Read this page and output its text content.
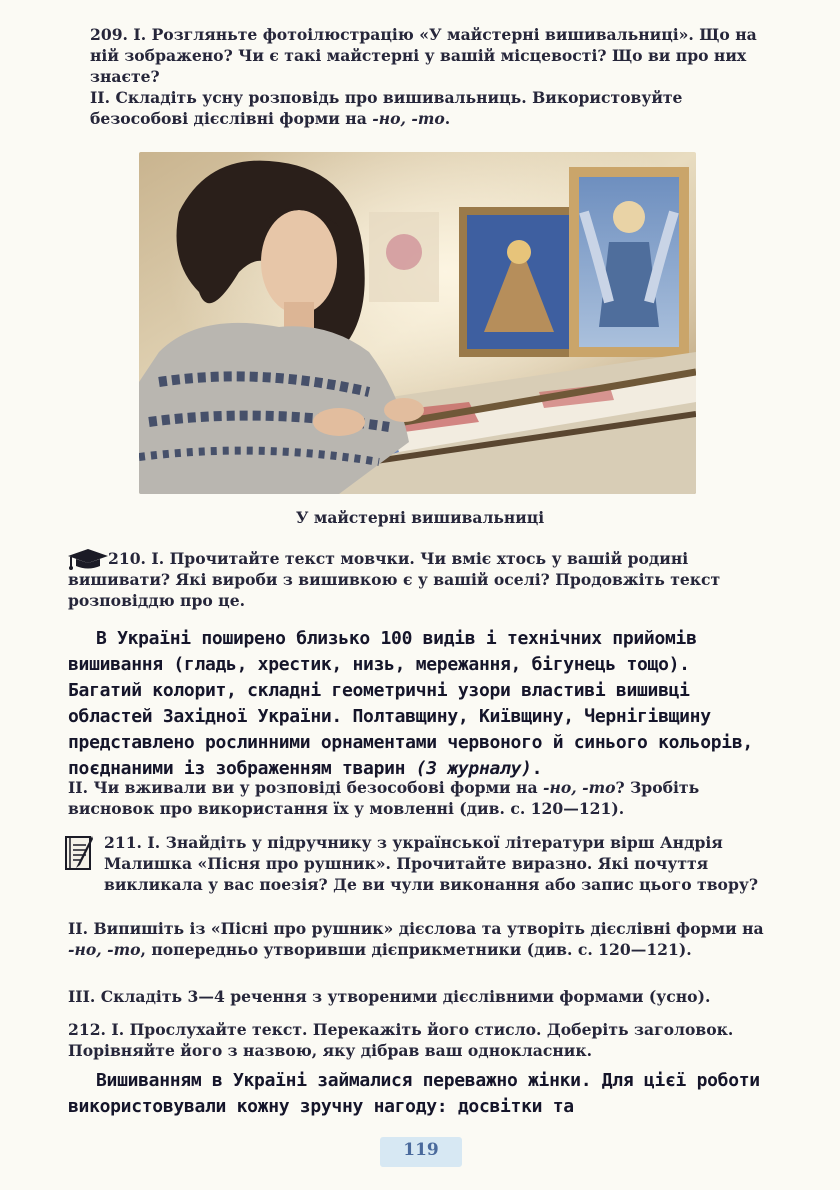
209. I. Розгляньте фотоілюстрацію «У майстерні вишивальниці». Що на ній зображено? Чи є такі майстерні у вашій місцевості? Що ви про них знаєте?
II. Складіть усну розповідь про вишивальниць. Використовуйте безособові дієслівні форми на -но, -то.
У майстерні вишивальниці
210. I. Прочитайте текст мовчки. Чи вміє хтось у вашій родині вишивати? Які вироби з вишивкою є у вашій оселі? Продовжіть текст розповіддю про це.
В Україні поширено близько 100 видів і технічних прийомів вишивання (гладь, хрестик, низь, мережання, бігунець тощо). Багатий колорит, складні геометричні узори властиві вишивці областей Західної України. Полтавщину, Київщину, Чернігівщину представлено рослинними орнаментами червоного й синього кольорів, поєднаними із зображенням тварин (З журналу).
II. Чи вживали ви у розповіді безособові форми на -но, -то? Зробіть висновок про використання їх у мовленні (див. с. 120—121).
211. I. Знайдіть у підручнику з української літератури вірш Андрія Малишка «Пісня про рушник». Прочитайте виразно. Які почуття викликала у вас поезія? Де ви чули виконання або запис цього твору?
II. Випишіть із «Пісні про рушник» дієслова та утворіть дієслівні форми на -но, -то, попередньо утворивши дієприкметники (див. с. 120—121).
III. Складіть 3—4 речення з утвореними дієслівними формами (усно).
212. I. Прослухайте текст. Перекажіть його стисло. Доберіть заголовок. Порівняйте його з назвою, яку дібрав ваш однокласник.
Вишиванням в Україні займалися переважно жінки. Для цієї роботи використовували кожну зручну нагоду: досвітки та
119
